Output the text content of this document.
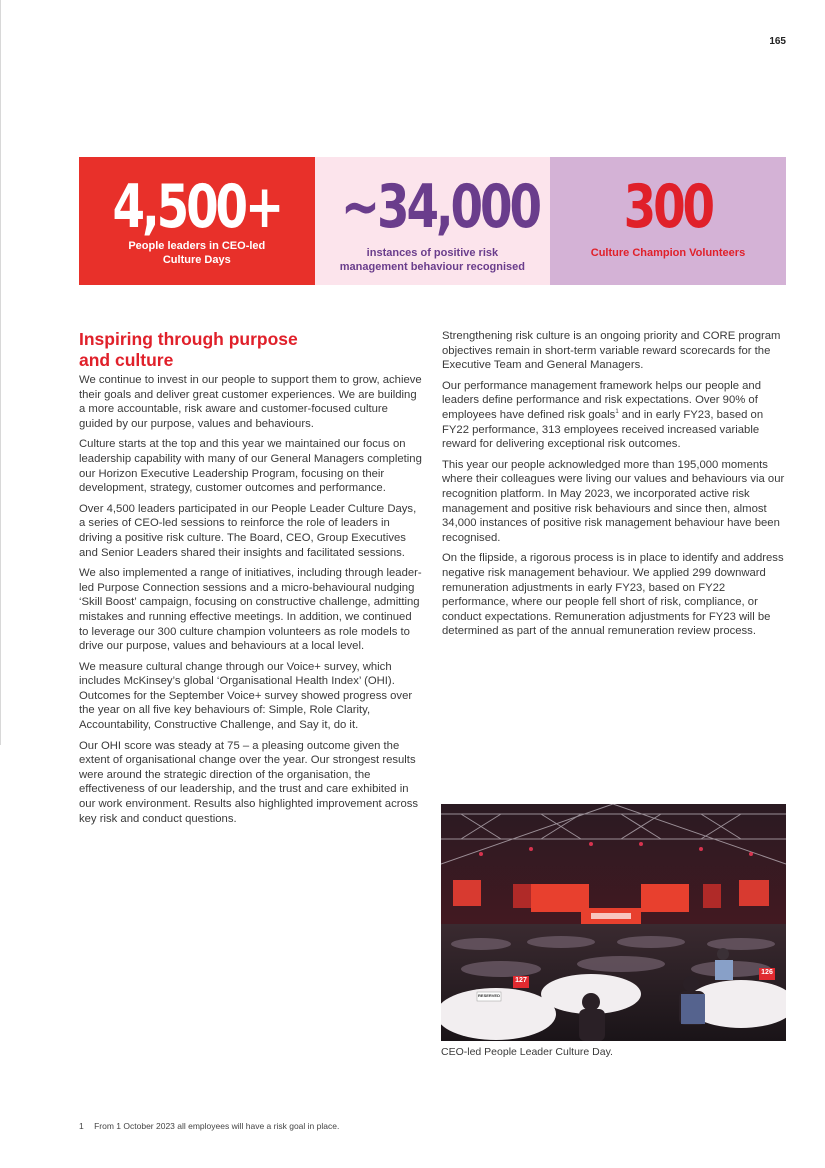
165
4,500+
People leaders in CEO-led
Culture Days
~34,000
instances of positive risk
management behaviour recognised
300
Culture Champion Volunteers
Inspiring through purpose
and culture

We continue to invest in our people to support them to grow, achieve their goals and deliver great customer experiences. We are building a more accountable, risk aware and customer-focused culture guided by our purpose, values and behaviours.

Culture starts at the top and this year we maintained our focus on leadership capability with many of our General Managers completing our Horizon Executive Leadership Program, focusing on their development, strategy, customer outcomes and performance.

Over 4,500 leaders participated in our People Leader Culture Days, a series of CEO-led sessions to reinforce the role of leaders in driving a positive risk culture. The Board, CEO, Group Executives and Senior Leaders shared their insights and facilitated sessions.

We also implemented a range of initiatives, including through leader-led Purpose Connection sessions and a micro-behavioural nudging ‘Skill Boost’ campaign, focusing on constructive challenge, admitting mistakes and running effective meetings. In addition, we continued to leverage our 300 culture champion volunteers as role models to drive our purpose, values and behaviours at a local level.

We measure cultural change through our Voice+ survey, which includes McKinsey’s global ‘Organisational Health Index’ (OHI). Outcomes for the September Voice+ survey showed progress over the year on all five key behaviours of: Simple, Role Clarity, Accountability, Constructive Challenge, and Say it, do it.

Our OHI score was steady at 75 – a pleasing outcome given the extent of organisational change over the year. Our strongest results were around the strategic direction of the organisation, the effectiveness of our leadership, and the trust and care exhibited in our work environment. Results also highlighted improvement across key risk and conduct questions.

Strengthening risk culture is an ongoing priority and CORE program objectives remain in short-term variable reward scorecards for the Executive Team and General Managers.

Our performance management framework helps our people and leaders define performance and risk expectations. Over 90% of employees have defined risk goals$^1$ and in early FY23, based on FY22 performance, 313 employees received increased variable reward for delivering exceptional risk outcomes.

This year our people acknowledged more than 195,000 moments where their colleagues were living our values and behaviours via our recognition platform. In May 2023, we incorporated active risk management and positive risk behaviours and since then, almost 34,000 instances of positive risk management behaviour have been recognised.

On the flipside, a rigorous process is in place to identify and address negative risk management behaviour. We applied 299 downward remuneration adjustments in early FY23, based on FY22 performance, where our people fell short of risk, compliance, or conduct expectations. Remuneration adjustments for FY23 will be determined as part of the annual remuneration review process.

127
126
RESERVED
CEO-led People Leader Culture Day.
1 From 1 October 2023 all employees will have a risk goal in place.
